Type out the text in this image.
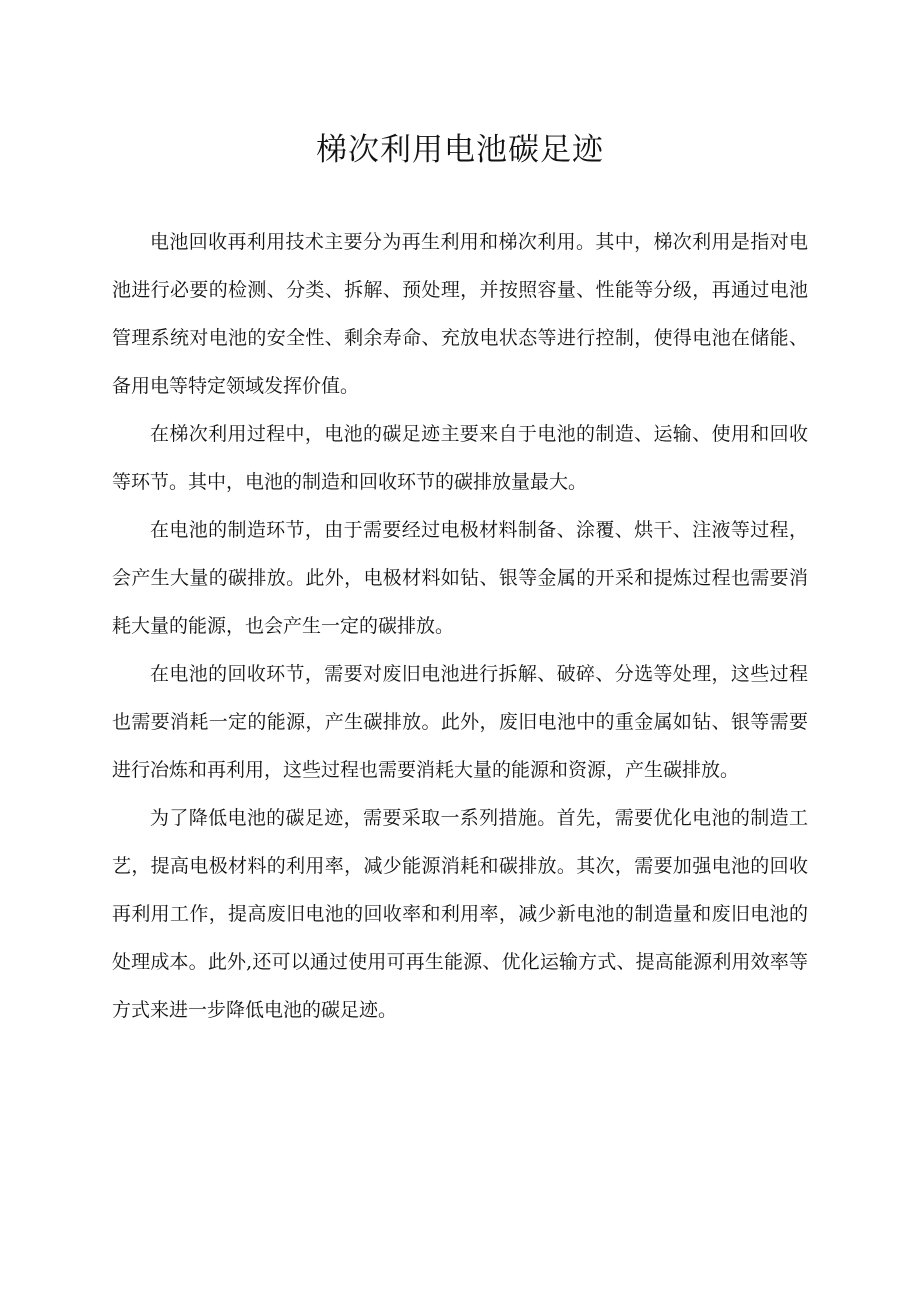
梯次利用电池碳足迹

电池回收再利用技术主要分为再生利用和梯次利用。其中，梯次利用是指对电池进行必要的检测、分类、拆解、预处理，并按照容量、性能等分级，再通过电池管理系统对电池的安全性、剩余寿命、充放电状态等进行控制，使得电池在储能、备用电等特定领域发挥价值。

在梯次利用过程中，电池的碳足迹主要来自于电池的制造、运输、使用和回收等环节。其中，电池的制造和回收环节的碳排放量最大。

在电池的制造环节，由于需要经过电极材料制备、涂覆、烘干、注液等过程，会产生大量的碳排放。此外，电极材料如钻、银等金属的开采和提炼过程也需要消耗大量的能源，也会产生一定的碳排放。

在电池的回收环节，需要对废旧电池进行拆解、破碎、分选等处理，这些过程也需要消耗一定的能源，产生碳排放。此外，废旧电池中的重金属如钻、银等需要进行冶炼和再利用，这些过程也需要消耗大量的能源和资源，产生碳排放。

为了降低电池的碳足迹，需要采取一系列措施。首先，需要优化电池的制造工艺，提高电极材料的利用率，减少能源消耗和碳排放。其次，需要加强电池的回收再利用工作，提高废旧电池的回收率和利用率，减少新电池的制造量和废旧电池的处理成本。此外,还可以通过使用可再生能源、优化运输方式、提高能源利用效率等方式来进一步降低电池的碳足迹。
